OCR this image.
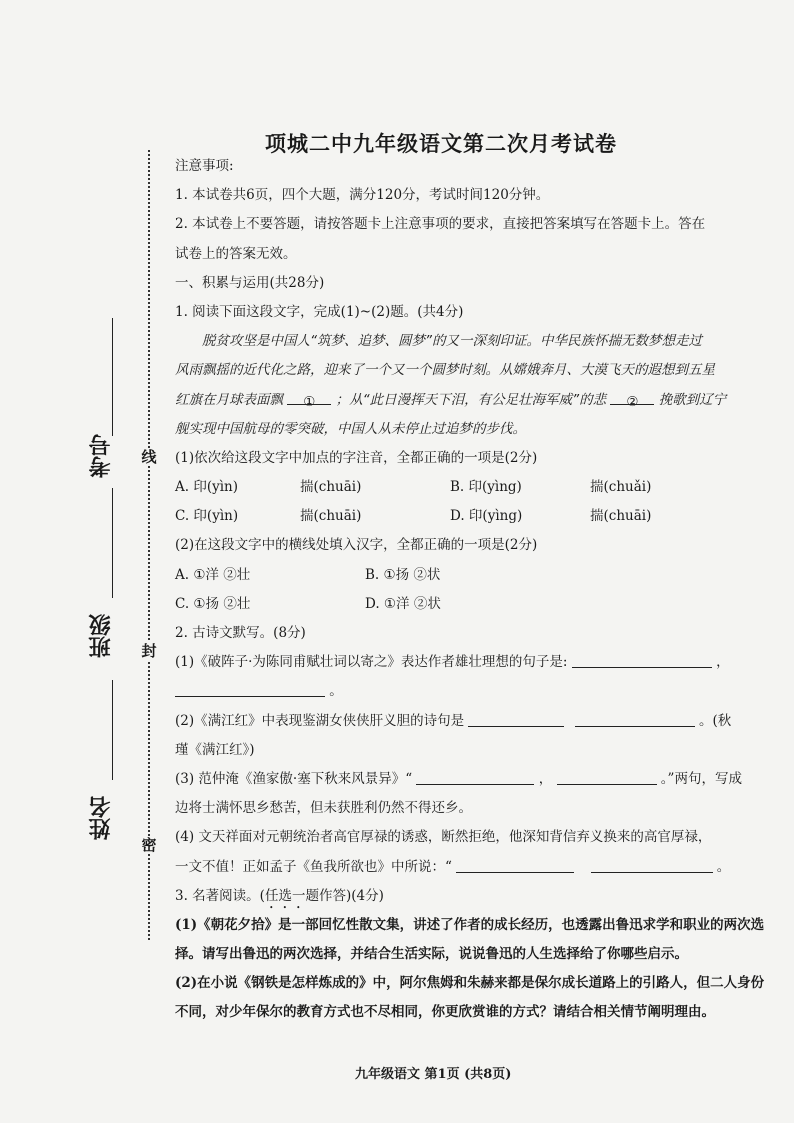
线
封
密
考号
班级
姓名
项城二中九年级语文第二次月考试卷
注意事项:
1. 本试卷共6页，四个大题，满分120分，考试时间120分钟。
2. 本试卷上不要答题，请按答题卡上注意事项的要求，直接把答案填写在答题卡上。答在
试卷上的答案无效。
一、积累与运用(共28分)
1. 阅读下面这段文字，完成(1)~(2)题。(共4分)
脱贫攻坚是中国人“筑梦、追梦、圆梦”的又一深刻印证。中华民族怀揣无数梦想走过
风雨飘摇的近代化之路，迎来了一个又一个圆梦时刻。从嫦娥奔月、大漠飞天的遐想到五星
红旗在月球表面飘 ① ；从“此日漫挥天下泪，有公足壮海军威”的悲 ② 挽歌到辽宁
舰实现中国航母的零突破，中国人从未停止过追梦的步伐。
(1)依次给这段文字中加点的字注音，全都正确的一项是(2分)
A. 印(yìn)	揣(chuāi)	B. 印(yìng)	揣(chuǎi)
C. 印(yìn)	揣(chuāi)	D. 印(yìng)	揣(chuāi)
(2)在这段文字中的横线处填入汉字，全都正确的一项是(2分)
A. ①洋 ②壮	B. ①扬 ②状
C. ①扬 ②壮	D. ①洋 ②状
2. 古诗文默写。(8分)
(1)《破阵子·为陈同甫赋壮词以寄之》表达作者雄壮理想的句子是:	，
。
(2)《满江红》中表现鉴湖女侠侠肝义胆的诗句是	。(秋
瑾《满江红》)
(3) 范仲淹《渔家傲·塞下秋来风景异》“	，	。”两句，写成
边将士满怀思乡愁苦，但未获胜利仍然不得还乡。
(4) 文天祥面对元朝统治者高官厚禄的诱惑，断然拒绝，他深知背信弃义换来的高官厚禄，
一文不值！正如孟子《鱼我所欲也》中所说：“	。
3. 名著阅读。(任选一题作答)(4分)
(1)《朝花夕拾》是一部回忆性散文集，讲述了作者的成长经历，也透露出鲁迅求学和职业的两次选择。请写出鲁迅的两次选择，并结合生活实际，说说鲁迅的人生选择给了你哪些启示。
(2)在小说《钢铁是怎样炼成的》中，阿尔焦姆和朱赫来都是保尔成长道路上的引路人，但二人身份不同，对少年保尔的教育方式也不尽相同，你更欣赏谁的方式？请结合相关情节阐明理由。
九年级语文 第1页 (共8页)
